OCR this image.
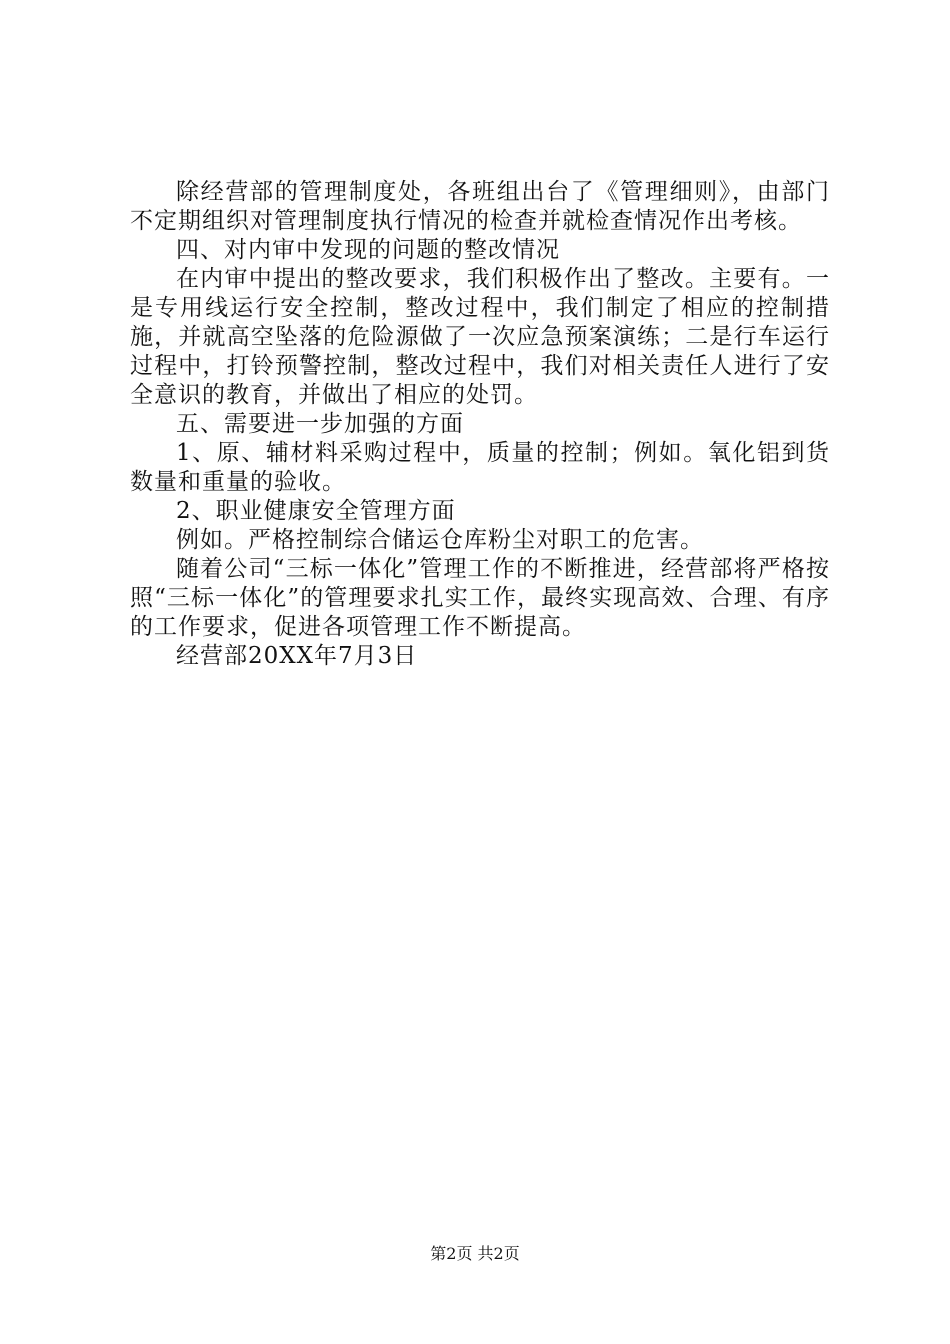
除经营部的管理制度处，各班组出台了《管理细则》，由部门不定期组织对管理制度执行情况的检查并就检查情况作出考核。

四、对内审中发现的问题的整改情况

在内审中提出的整改要求，我们积极作出了整改。主要有。一是专用线运行安全控制，整改过程中，我们制定了相应的控制措施，并就高空坠落的危险源做了一次应急预案演练；二是行车运行过程中，打铃预警控制，整改过程中，我们对相关责任人进行了安全意识的教育，并做出了相应的处罚。

五、需要进一步加强的方面

1、原、辅材料采购过程中，质量的控制；例如。氧化铝到货数量和重量的验收。

2、职业健康安全管理方面

例如。严格控制综合储运仓库粉尘对职工的危害。

随着公司“三标一体化”管理工作的不断推进，经营部将严格按照“三标一体化”的管理要求扎实工作，最终实现高效、合理、有序的工作要求，促进各项管理工作不断提高。

经营部20XX年7月3日

第2页 共2页
